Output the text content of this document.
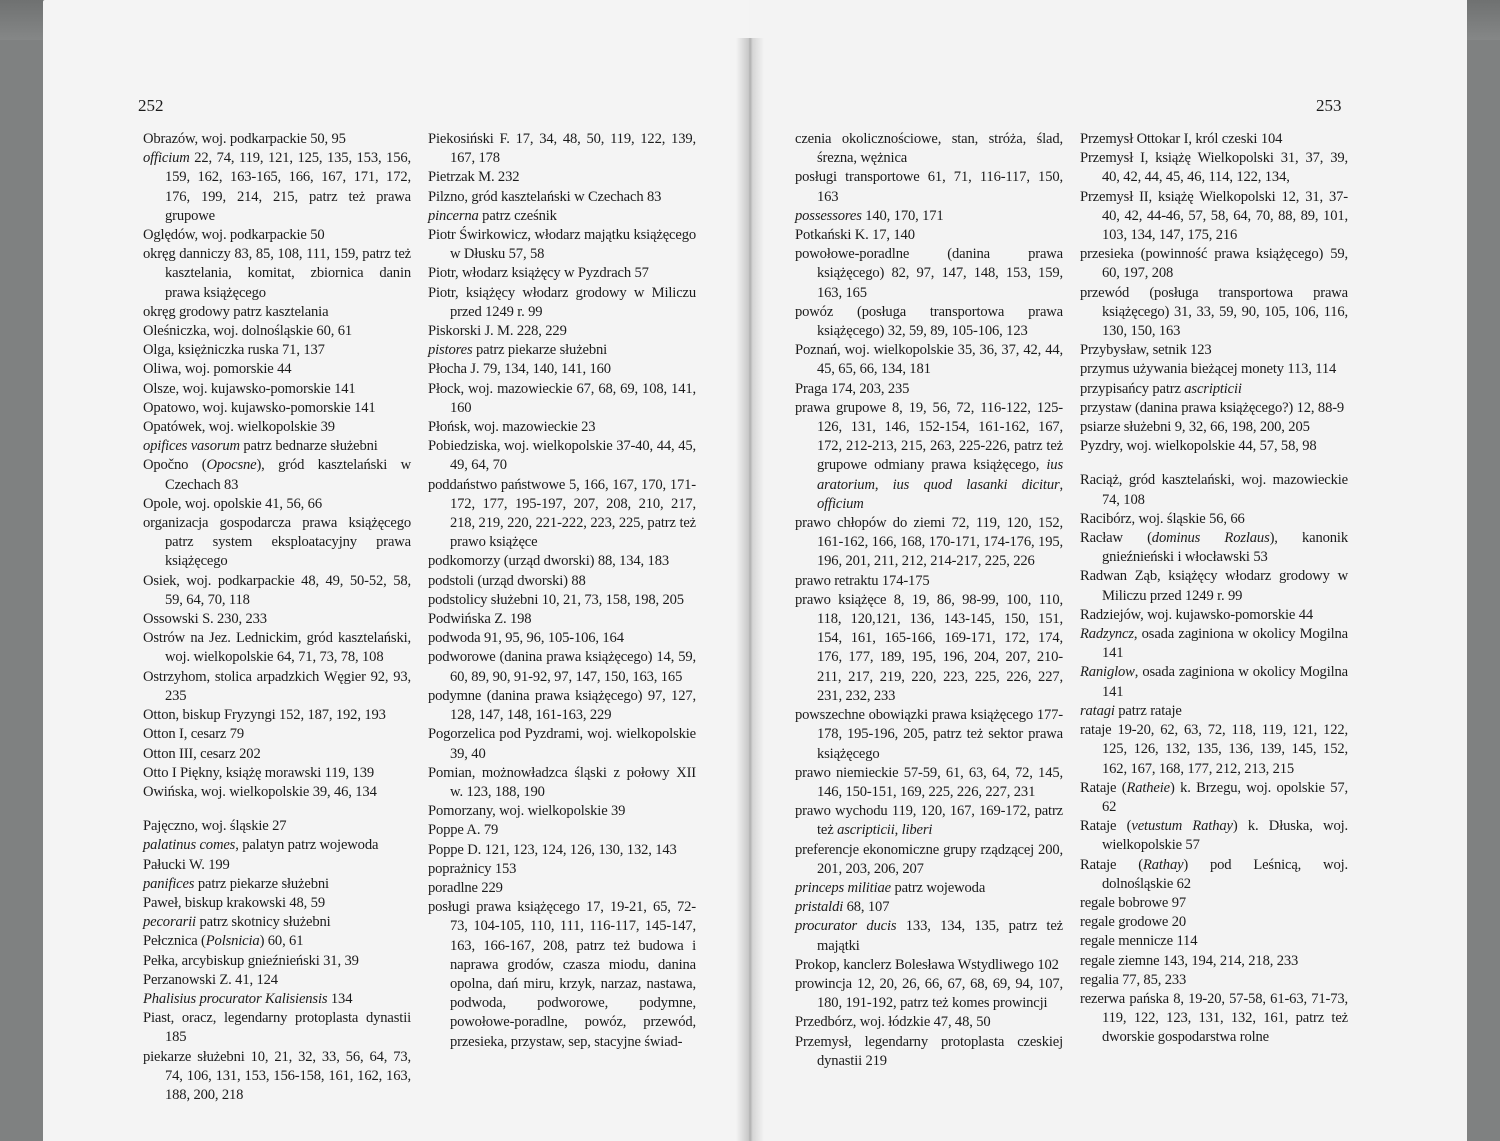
252	253
Obrazów, woj. podkarpackie 50, 95
officium 22, 74, 119, 121, 125, 135, 153, 156, 159, 162, 163-165, 166, 167, 171, 172, 176, 199, 214, 215, patrz też prawa grupowe
Oględów, woj. podkarpackie 50
okręg danniczy 83, 85, 108, 111, 159, patrz też kasztelania, komitat, zbiornica danin prawa książęcego
okręg grodowy patrz kasztelania
Oleśniczka, woj. dolnośląskie 60, 61
Olga, księżniczka ruska 71, 137
Oliwa, woj. pomorskie 44
Olsze, woj. kujawsko-pomorskie 141
Opatowo, woj. kujawsko-pomorskie 141
Opatówek, woj. wielkopolskie 39
opifices vasorum patrz bednarze służebni
Opočno (Opocsne), gród kasztelański w Czechach 83
Opole, woj. opolskie 41, 56, 66
organizacja gospodarcza prawa książęcego patrz system eksploatacyjny prawa książęcego
Osiek, woj. podkarpackie 48, 49, 50-52, 58, 59, 64, 70, 118
Ossowski S. 230, 233
Ostrów na Jez. Lednickim, gród kasztelański, woj. wielkopolskie 64, 71, 73, 78, 108
Ostrzyhom, stolica arpadzkich Węgier 92, 93, 235
Otton, biskup Fryzyngi 152, 187, 192, 193
Otton I, cesarz 79
Otton III, cesarz 202
Otto I Piękny, książę morawski 119, 139
Owińska, woj. wielkopolskie 39, 46, 134
Pajęczno, woj. śląskie 27
palatinus comes, palatyn patrz wojewoda
Pałucki W. 199
panifices patrz piekarze służebni
Paweł, biskup krakowski 48, 59
pecorarii patrz skotnicy służebni
Pełcznica (Polsnicia) 60, 61
Pełka, arcybiskup gnieźnieński 31, 39
Perzanowski Z. 41, 124
Phalisius procurator Kalisiensis 134
Piast, oracz, legendarny protoplasta dynastii 185
piekarze służebni 10, 21, 32, 33, 56, 64, 73, 74, 106, 131, 153, 156-158, 161, 162, 163, 188, 200, 218
Piekosiński F. 17, 34, 48, 50, 119, 122, 139, 167, 178
Pietrzak M. 232
Pilzno, gród kasztelański w Czechach 83
pincerna patrz cześnik
Piotr Świrkowicz, włodarz majątku książęcego w Dłusku 57, 58
Piotr, włodarz książęcy w Pyzdrach 57
Piotr, książęcy włodarz grodowy w Miliczu przed 1249 r. 99
Piskorski J. M. 228, 229
pistores patrz piekarze służebni
Płocha J. 79, 134, 140, 141, 160
Płock, woj. mazowieckie 67, 68, 69, 108, 141, 160
Płońsk, woj. mazowieckie 23
Pobiedziska, woj. wielkopolskie 37-40, 44, 45, 49, 64, 70
poddaństwo państwowe 5, 166, 167, 170, 171-172, 177, 195-197, 207, 208, 210, 217, 218, 219, 220, 221-222, 223, 225, patrz też prawo książęce
podkomorzy (urząd dworski) 88, 134, 183
podstoli (urząd dworski) 88
podstolicy służebni 10, 21, 73, 158, 198, 205
Podwińska Z. 198
podwoda 91, 95, 96, 105-106, 164
podworowe (danina prawa książęcego) 14, 59, 60, 89, 90, 91-92, 97, 147, 150, 163, 165
podymne (danina prawa książęcego) 97, 127, 128, 147, 148, 161-163, 229
Pogorzelica pod Pyzdrami, woj. wielkopolskie 39, 40
Pomian, możnowładzca śląski z połowy XII w. 123, 188, 190
Pomorzany, woj. wielkopolskie 39
Poppe A. 79
Poppe D. 121, 123, 124, 126, 130, 132, 143
poprażnicy 153
poradlne 229
posługi prawa książęcego 17, 19-21, 65, 72-73, 104-105, 110, 111, 116-117, 145-147, 163, 166-167, 208, patrz też budowa i naprawa grodów, czasza miodu, danina opolna, dań miru, krzyk, narzaz, nastawa, podwoda, podworowe, podymne, powołowe-poradlne, powóz, przewód, przesieka, przystaw, sep, stacyjne świad-
czenia okolicznościowe, stan, stróża, ślad, śrezna, wężnica
posługi transportowe 61, 71, 116-117, 150, 163
possessores 140, 170, 171
Potkański K. 17, 140
powołowe-poradlne (danina prawa książęcego) 82, 97, 147, 148, 153, 159, 163, 165
powóz (posługa transportowa prawa książęcego) 32, 59, 89, 105-106, 123
Poznań, woj. wielkopolskie 35, 36, 37, 42, 44, 45, 65, 66, 134, 181
Praga 174, 203, 235
prawa grupowe 8, 19, 56, 72, 116-122, 125-126, 131, 146, 152-154, 161-162, 167, 172, 212-213, 215, 263, 225-226, patrz też grupowe odmiany prawa książęcego, ius aratorium, ius quod lasanki dicitur, officium
prawo chłopów do ziemi 72, 119, 120, 152, 161-162, 166, 168, 170-171, 174-176, 195, 196, 201, 211, 212, 214-217, 225, 226
prawo retraktu 174-175
prawo książęce 8, 19, 86, 98-99, 100, 110, 118, 120,121, 136, 143-145, 150, 151, 154, 161, 165-166, 169-171, 172, 174, 176, 177, 189, 195, 196, 204, 207, 210-211, 217, 219, 220, 223, 225, 226, 227, 231, 232, 233
powszechne obowiązki prawa książęcego 177-178, 195-196, 205, patrz też sektor prawa książęcego
prawo niemieckie 57-59, 61, 63, 64, 72, 145, 146, 150-151, 169, 225, 226, 227, 231
prawo wychodu 119, 120, 167, 169-172, patrz też ascripticii, liberi
preferencje ekonomiczne grupy rządzącej 200, 201, 203, 206, 207
princeps militiae patrz wojewoda
pristaldi 68, 107
procurator ducis 133, 134, 135, patrz też majątki
Prokop, kanclerz Bolesława Wstydliwego 102
prowincja 12, 20, 26, 66, 67, 68, 69, 94, 107, 180, 191-192, patrz też komes prowincji
Przedbórz, woj. łódzkie 47, 48, 50
Przemysł, legendarny protoplasta czeskiej dynastii 219
Przemysł Ottokar I, król czeski 104
Przemysł I, książę Wielkopolski 31, 37, 39, 40, 42, 44, 45, 46, 114, 122, 134,
Przemysł II, książę Wielkopolski 12, 31, 37-40, 42, 44-46, 57, 58, 64, 70, 88, 89, 101, 103, 134, 147, 175, 216
przesieka (powinność prawa książęcego) 59, 60, 197, 208
przewód (posługa transportowa prawa książęcego) 31, 33, 59, 90, 105, 106, 116, 130, 150, 163
Przybysław, setnik 123
przymus używania bieżącej monety 113, 114
przypisańcy patrz ascripticii
przystaw (danina prawa książęcego?) 12, 88-9
psiarze służebni 9, 32, 66, 198, 200, 205
Pyzdry, woj. wielkopolskie 44, 57, 58, 98
Raciąż, gród kasztelański, woj. mazowieckie 74, 108
Racibórz, woj. śląskie 56, 66
Racław (dominus Rozlaus), kanonik gnieźnieński i włocławski 53
Radwan Ząb, książęcy włodarz grodowy w Miliczu przed 1249 r. 99
Radziejów, woj. kujawsko-pomorskie 44
Radzyncz, osada zaginiona w okolicy Mogilna 141
Raniglow, osada zaginiona w okolicy Mogilna 141
ratagi patrz rataje
rataje 19-20, 62, 63, 72, 118, 119, 121, 122, 125, 126, 132, 135, 136, 139, 145, 152, 162, 167, 168, 177, 212, 213, 215
Rataje (Ratheie) k. Brzegu, woj. opolskie 57, 62
Rataje (vetustum Rathay) k. Dłuska, woj. wielkopolskie 57
Rataje (Rathay) pod Leśnicą, woj. dolnośląskie 62
regale bobrowe 97
regale grodowe 20
regale mennicze 114
regale ziemne 143, 194, 214, 218, 233
regalia 77, 85, 233
rezerwa pańska 8, 19-20, 57-58, 61-63, 71-73, 119, 122, 123, 131, 132, 161, patrz też dworskie gospodarstwa rolne
